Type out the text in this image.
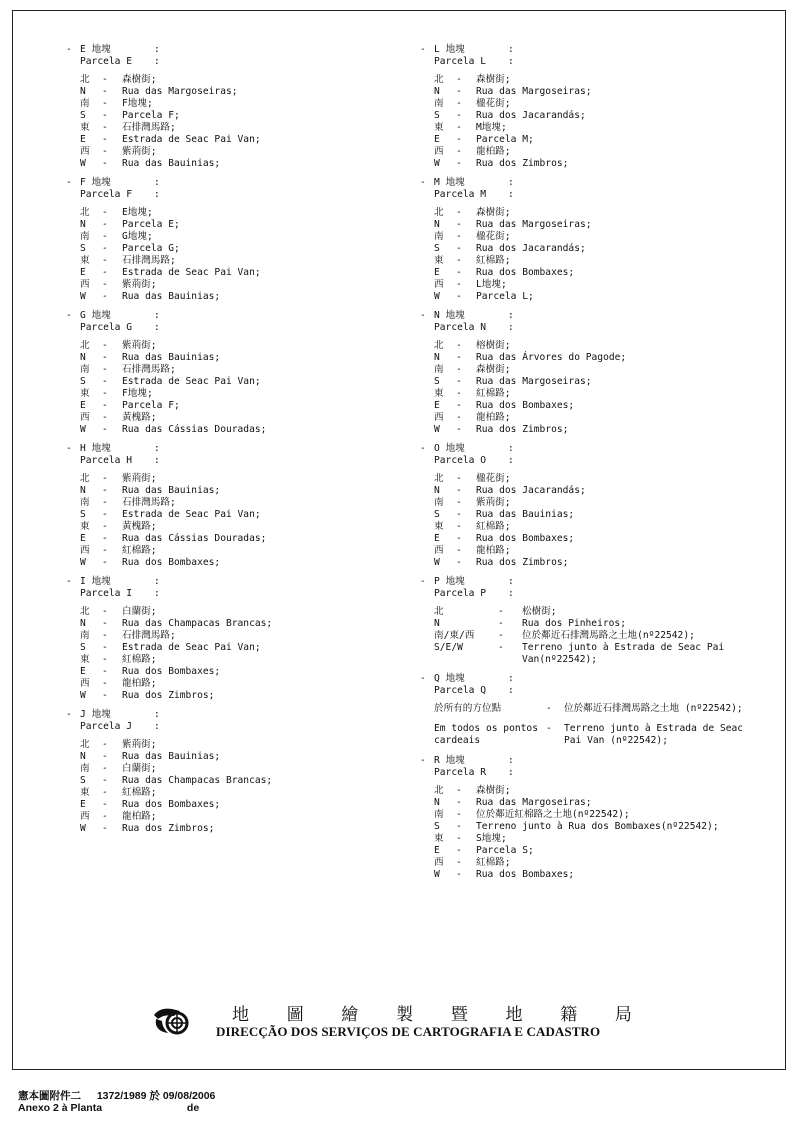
- E 地塊	:
Parcela E :
北	-	森樹街;
N	-	Rua das Margoseiras;
南	-	F地塊;
S	-	Parcela F;
東	-	石排灣馬路;
E	-	Estrada de Seac Pai Van;
西	-	紫荊街;
W	-	Rua das Bauinias;
- F 地塊	:
Parcela F :
北	-	E地塊;
N	-	Parcela E;
南	-	G地塊;
S	-	Parcela G;
東	-	石排灣馬路;
E	-	Estrada de Seac Pai Van;
西	-	紫荊街;
W	-	Rua das Bauinias;
- G 地塊	:
Parcela G :
北	-	紫荊街;
N	-	Rua das Bauinias;
南	-	石排灣馬路;
S	-	Estrada de Seac Pai Van;
東	-	F地塊;
E	-	Parcela F;
西	-	黃槐路;
W	-	Rua das Cássias Douradas;
- H 地塊	:
Parcela H :
北	-	紫荊街;
N	-	Rua das Bauinias;
南	-	石排灣馬路;
S	-	Estrada de Seac Pai Van;
東	-	黃槐路;
E	-	Rua das Cássias Douradas;
西	-	紅棉路;
W	-	Rua dos Bombaxes;
- I 地塊	:
Parcela I :
北	-	白蘭街;
N	-	Rua das Champacas Brancas;
南	-	石排灣馬路;
S	-	Estrada de Seac Pai Van;
東	-	紅棉路;
E	-	Rua dos Bombaxes;
西	-	龍柏路;
W	-	Rua dos Zimbros;
- J 地塊	:
Parcela J :
北	-	紫荊街;
N	-	Rua das Bauinias;
南	-	白蘭街;
S	-	Rua das Champacas Brancas;
東	-	紅棉路;
E	-	Rua dos Bombaxes;
西	-	龍柏路;
W	-	Rua dos Zimbros;
- L 地塊	:
Parcela L :
北	-	森樹街;
N	-	Rua das Margoseiras;
南	-	楹花街;
S	-	Rua dos Jacarandás;
東	-	M地塊;
E	-	Parcela M;
西	-	龍柏路;
W	-	Rua dos Zimbros;
- M 地塊	:
Parcela M :
北	-	森樹街;
N	-	Rua das Margoseiras;
南	-	楹花街;
S	-	Rua dos Jacarandás;
東	-	紅棉路;
E	-	Rua dos Bombaxes;
西	-	L地塊;
W	-	Parcela L;
- N 地塊	:
Parcela N :
北	-	榕樹街;
N	-	Rua das Árvores do Pagode;
南	-	森樹街;
S	-	Rua das Margoseiras;
東	-	紅棉路;
E	-	Rua dos Bombaxes;
西	-	龍柏路;
W	-	Rua dos Zimbros;
- O 地塊	:
Parcela O :
北	-	楹花街;
N	-	Rua dos Jacarandás;
南	-	紫荊街;
S	-	Rua das Bauinias;
東	-	紅棉路;
E	-	Rua dos Bombaxes;
西	-	龍柏路;
W	-	Rua dos Zimbros;
- P 地塊	:
Parcela P :
北	-	松樹街;
N	-	Rua dos Pinheiros;
南/東/西	-	位於鄰近石排灣馬路之土地(nº22542);
S/E/W	-	Terreno junto à Estrada de Seac Pai Van(nº22542);
- Q 地塊	:
Parcela Q :
於所有的方位點	-	位於鄰近石排灣馬路之土地 (nº22542);
Em todos os pontos cardeais
-	Terreno junto à Estrada de Seac Pai Van (nº22542);
- R 地塊	:
Parcela R :
北	-	森樹街;
N	-	Rua das Margoseiras;
南	-	位於鄰近紅棉路之土地(nº22542);
S	-	Terreno junto à Rua dos Bombaxes(nº22542);
東	-	S地塊;
E	-	Parcela S;
西	-	紅棉路;
W	-	Rua dos Bombaxes;
地 圖 繪 製 暨 地 籍 局
DIRECÇÃO DOS SERVIÇOS DE CARTOGRAFIA E CADASTRO
憲本圖附件二 1372/1989 於 09/08/2006
Anexo 2 à Planta	de
